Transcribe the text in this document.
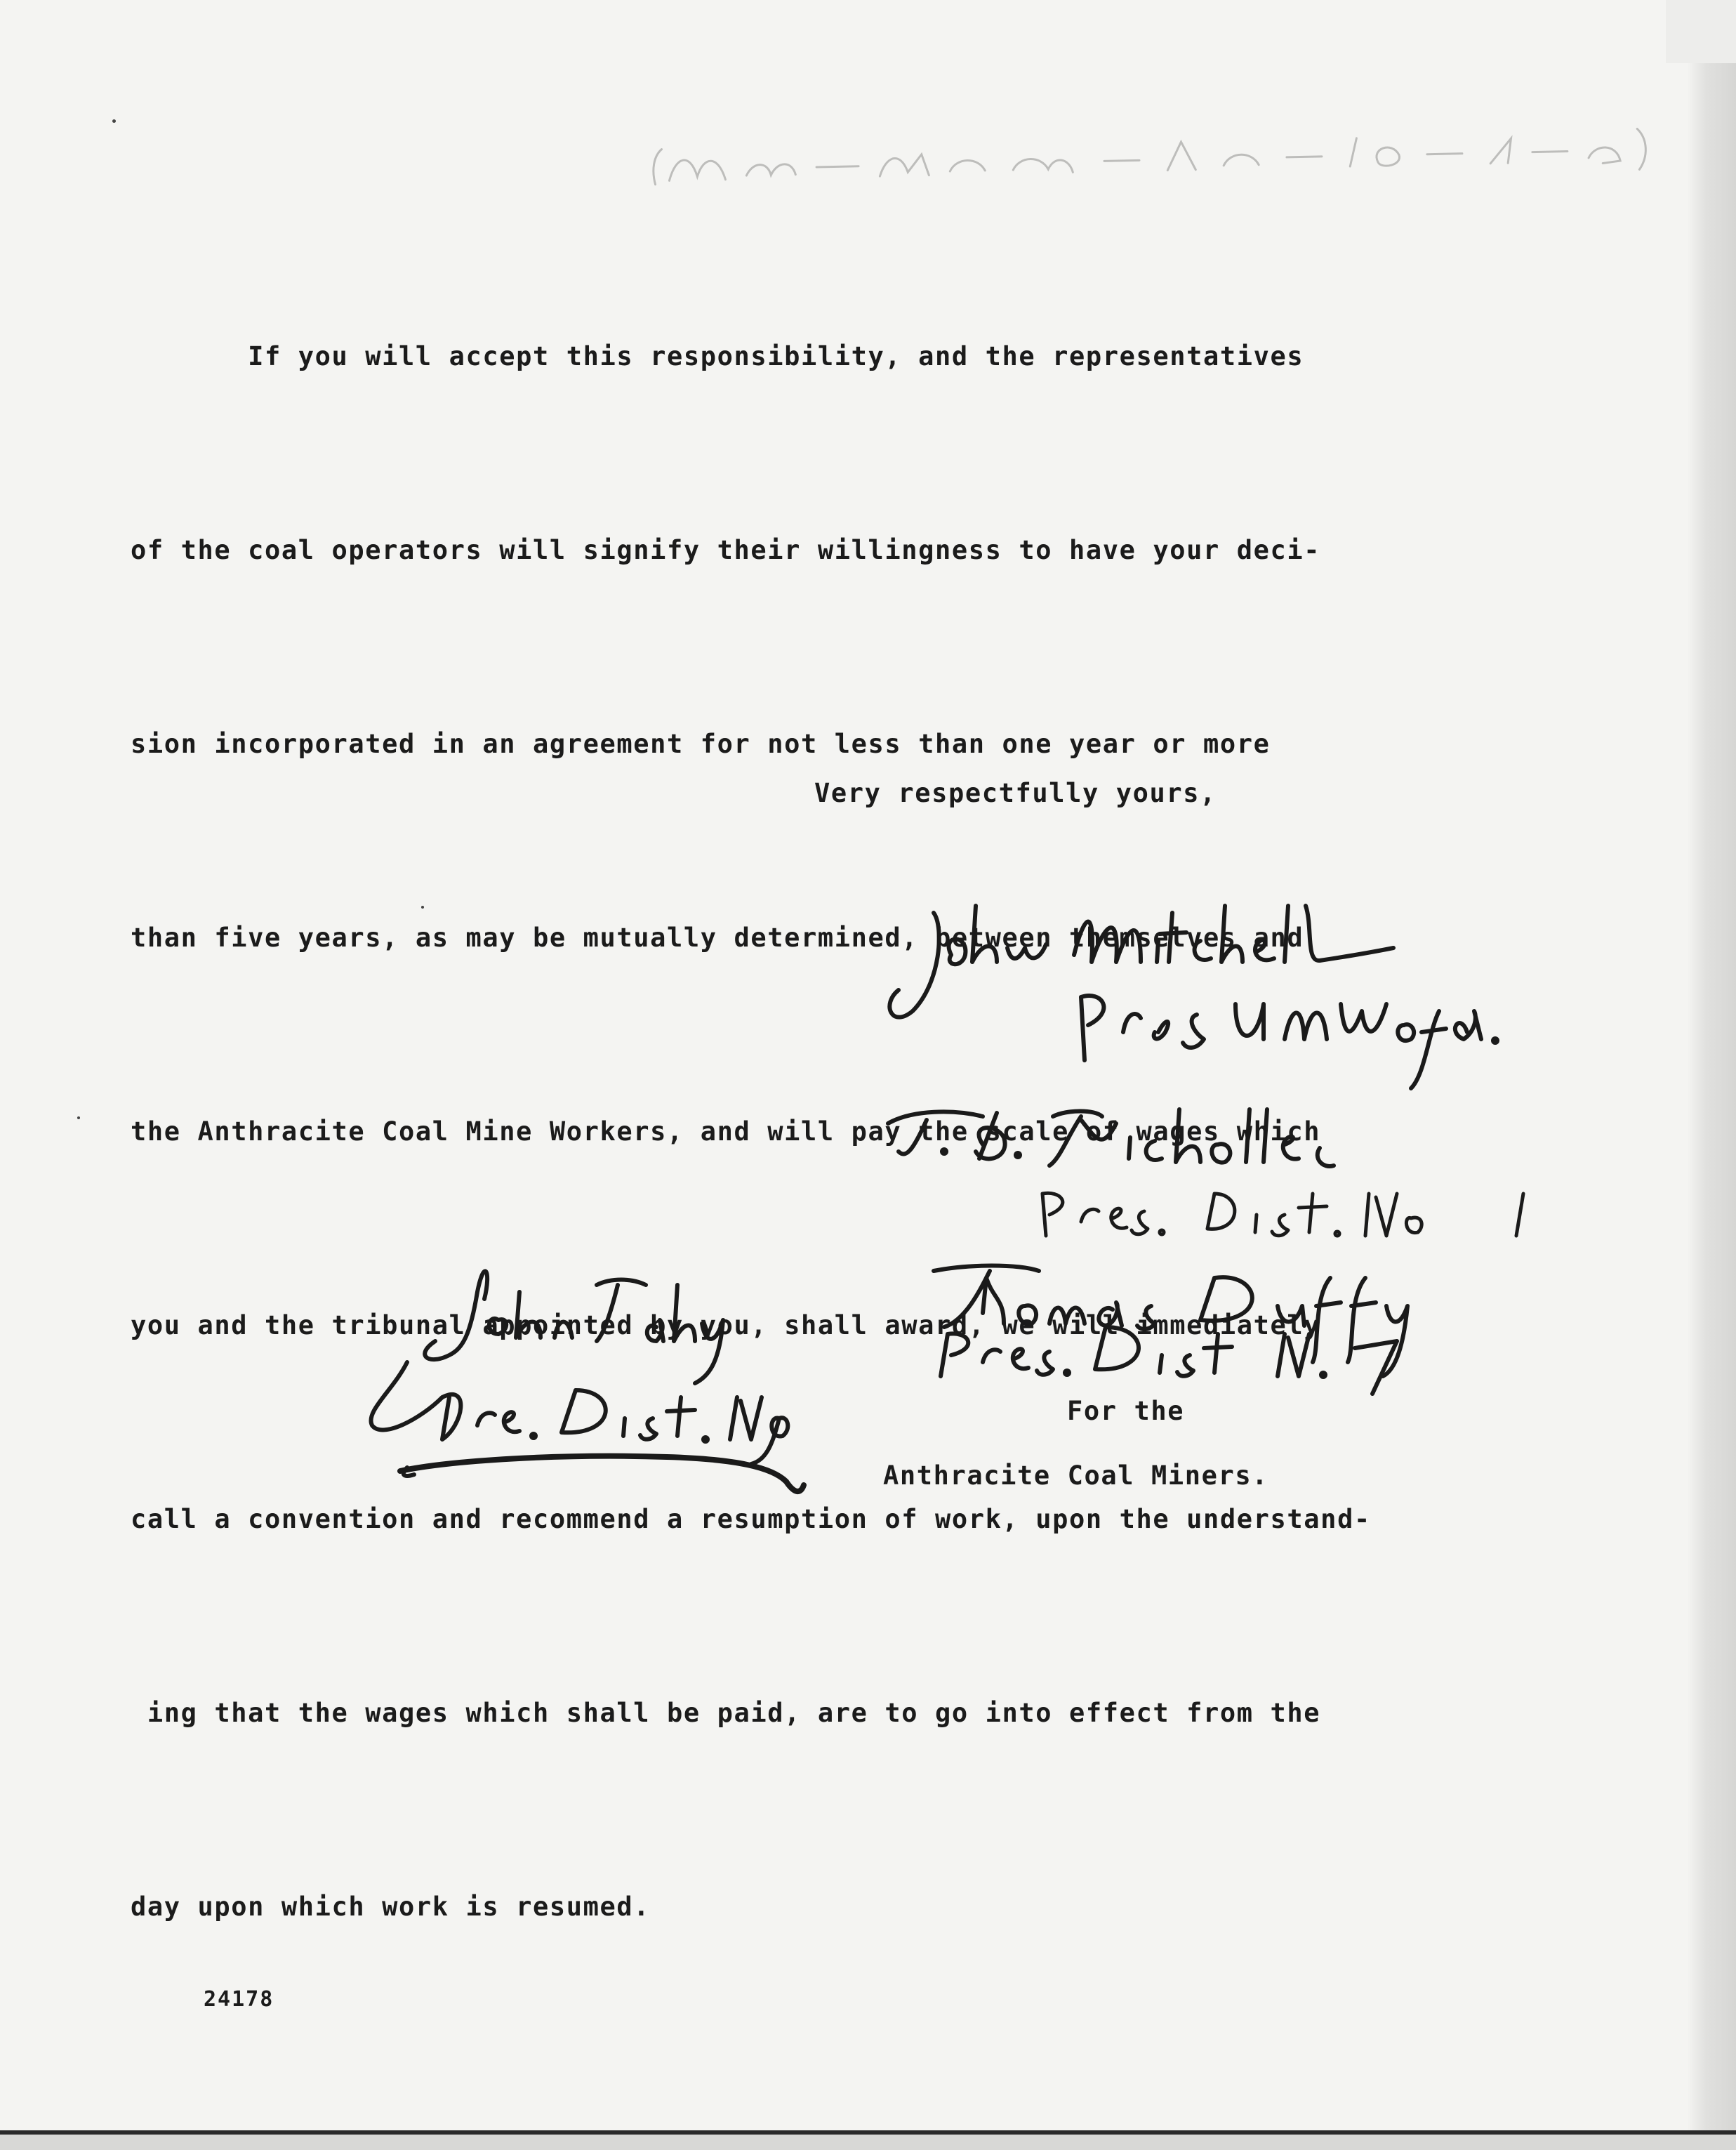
If you will accept this responsibility, and the representatives

of the coal operators will signify their willingness to have your deci-

sion incorporated in an agreement for not less than one year or more

than five years, as may be mutually determined, between themselves and

the Anthracite Coal Mine Workers, and will pay the scale of wages which

you and the tribunal appointed by you, shall award, we will immediately

call a convention and recommend a resumption of work, upon the understand-

ing that the wages which shall be paid, are to go into effect from the

day upon which work is resumed.

Very respectfully yours,
For the
Anthracite Coal Miners.
24178
